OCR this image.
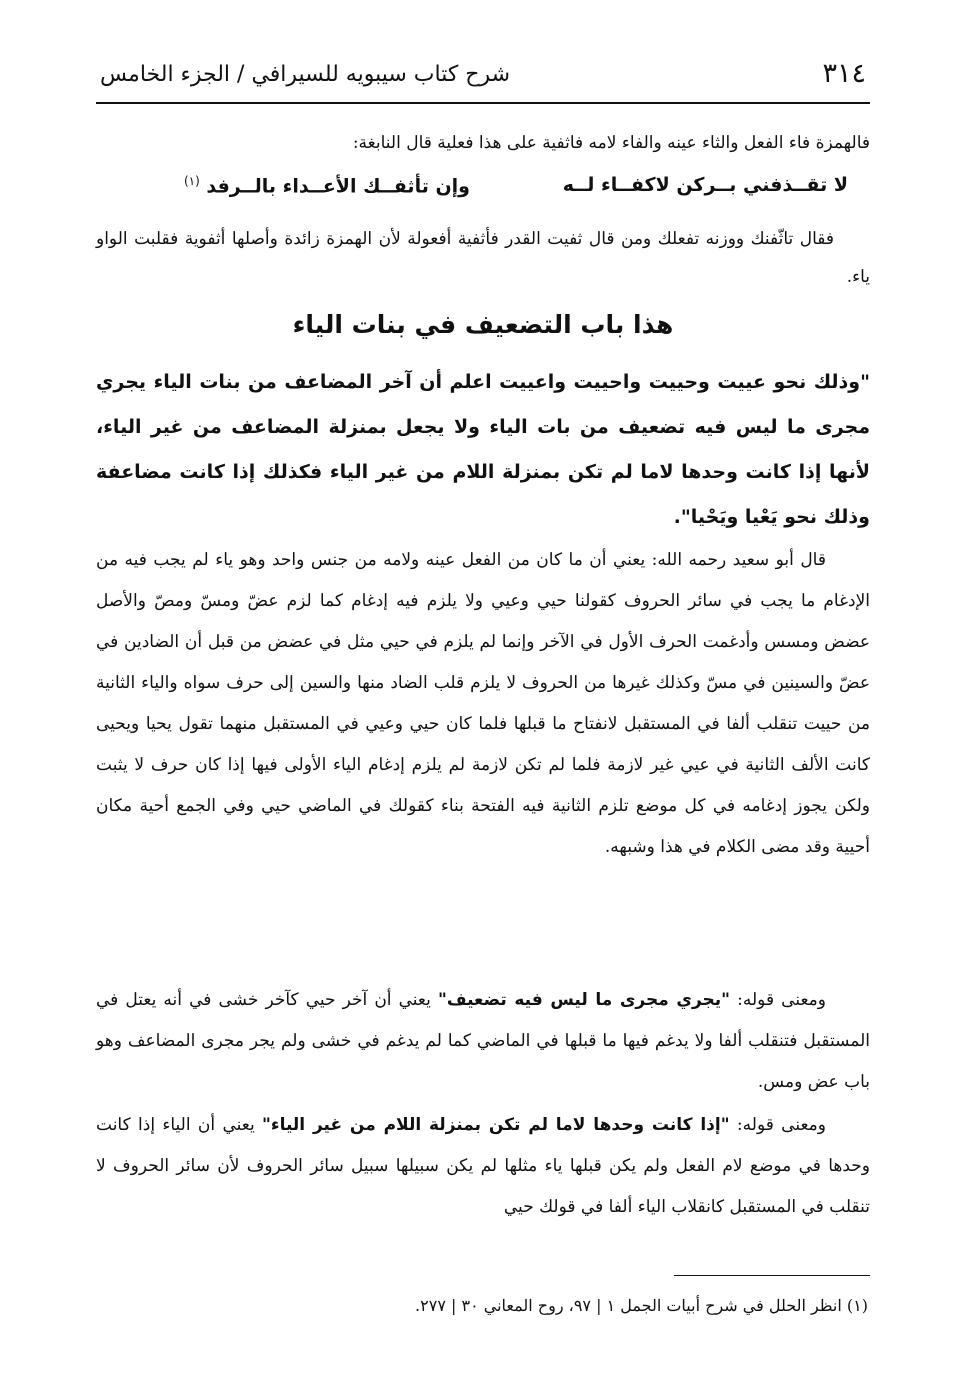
٣١٤
شرح كتاب سيبويه للسيرافي / الجزء الخامس

فالهمزة فاء الفعل والثاء عينه والفاء لامه فاثفية على هذا فعلية قال النابغة:

لا تقــذفني بــركن لاكفــاء لــه
وإن تأثفــك الأعــداء بالــرفد $^{(١)}$

فقال تاثّفنك ووزنه تفعلك ومن قال ثفيت القدر فأثفية أفعولة لأن الهمزة زائدة وأصلها أثفوية فقلبت الواو ياء.

هذا باب التضعيف في بنات الياء

"وذلك نحو عييت وحييت واحييت واعييت اعلم أن آخر المضاعف من بنات الياء يجري مجرى ما ليس فيه تضعيف من بات الياء ولا يجعل بمنزلة المضاعف من غير الياء، لأنها إذا كانت وحدها لاما لم تكن بمنزلة اللام من غير الياء فكذلك إذا كانت مضاعفة وذلك نحو يَعْيا ويَحْيا".

قال أبو سعيد رحمه الله: يعني أن ما كان من الفعل عينه ولامه من جنس واحد وهو ياء لم يجب فيه من الإدغام ما يجب في سائر الحروف كقولنا حيي وعيي ولا يلزم فيه إدغام كما لزم عضّ ومسّ ومصّ والأصل عضض ومسس وأدغمت الحرف الأول في الآخر وإنما لم يلزم في حيي مثل في عضض من قبل أن الضادين في عضّ والسينين في مسّ وكذلك غيرها من الحروف لا يلزم قلب الضاد منها والسين إلى حرف سواه والياء الثانية من حييت تنقلب ألفا في المستقبل لانفتاح ما قبلها فلما كان حيي وعيي في المستقبل منهما تقول يحيا ويحيى كانت الألف الثانية في عيي غير لازمة فلما لم تكن لازمة لم يلزم إدغام الياء الأولى فيها إذا كان حرف لا يثبت ولكن يجوز إدغامه في كل موضع تلزم الثانية فيه الفتحة بناء كقولك في الماضي حيي وفي الجمع أحية مكان أحيية وقد مضى الكلام في هذا وشبهه.

ومعنى قوله: "يجري مجرى ما ليس فيه تضعيف" يعني أن آخر حيي كآخر خشى في أنه يعتل في المستقبل فتنقلب ألفا ولا يدغم فيها ما قبلها في الماضي كما لم يدغم في خشى ولم يجر مجرى المضاعف وهو باب عض ومس.

ومعنى قوله: "إذا كانت وحدها لاما لم تكن بمنزلة اللام من غير الياء" يعني أن الياء إذا كانت وحدها في موضع لام الفعل ولم يكن قبلها ياء مثلها لم يكن سبيلها سبيل سائر الحروف لأن سائر الحروف لا تنقلب في المستقبل كانقلاب الياء ألفا في قولك حيي

(١) انظر الحلل في شرح أبيات الجمل ١ | ٩٧، روح المعاني ٣٠ | ٢٧٧.
